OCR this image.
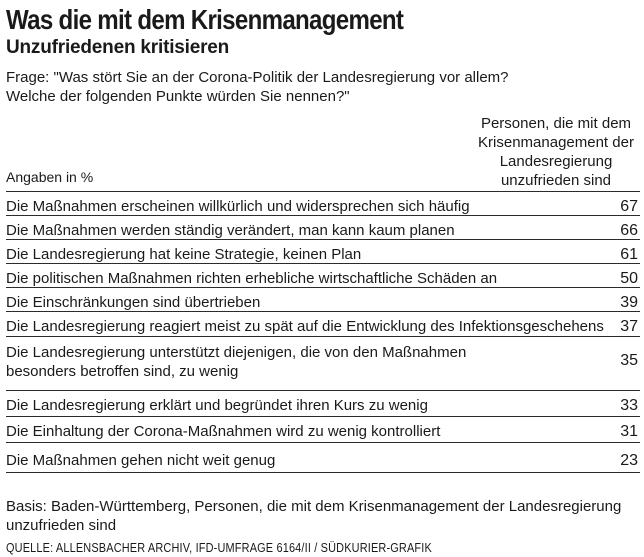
Was die mit dem Krisenmanagement
Unzufriedenen kritisieren
Frage: "Was stört Sie an der Corona-Politik der Landesregierung vor allem?
Welche der folgenden Punkte würden Sie nennen?"
Personen, die mit dem Krisenmanagement der Landesregierung unzufrieden sind
Angaben in %
Die Maßnahmen erscheinen willkürlich und widersprechen sich häufig	67
Die Maßnahmen werden ständig verändert, man kann kaum planen	66
Die Landesregierung hat keine Strategie, keinen Plan	61
Die politischen Maßnahmen richten erhebliche wirtschaftliche Schäden an	50
Die Einschränkungen sind übertrieben	39
Die Landesregierung reagiert meist zu spät auf die Entwicklung des Infektionsgeschehens 37
Die Landesregierung unterstützt diejenigen, die von den Maßnahmen besonders betroffen sind, zu wenig
35
Die Landesregierung erklärt und begründet ihren Kurs zu wenig	33
Die Einhaltung der Corona-Maßnahmen wird zu wenig kontrolliert	31
Die Maßnahmen gehen nicht weit genug	23
Basis: Baden-Württemberg, Personen, die mit dem Krisenmanagement der Landesregierung unzufrieden sind
QUELLE: ALLENSBACHER ARCHIV, IFD-UMFRAGE 6164/II / SÜDKURIER-GRAFIK
